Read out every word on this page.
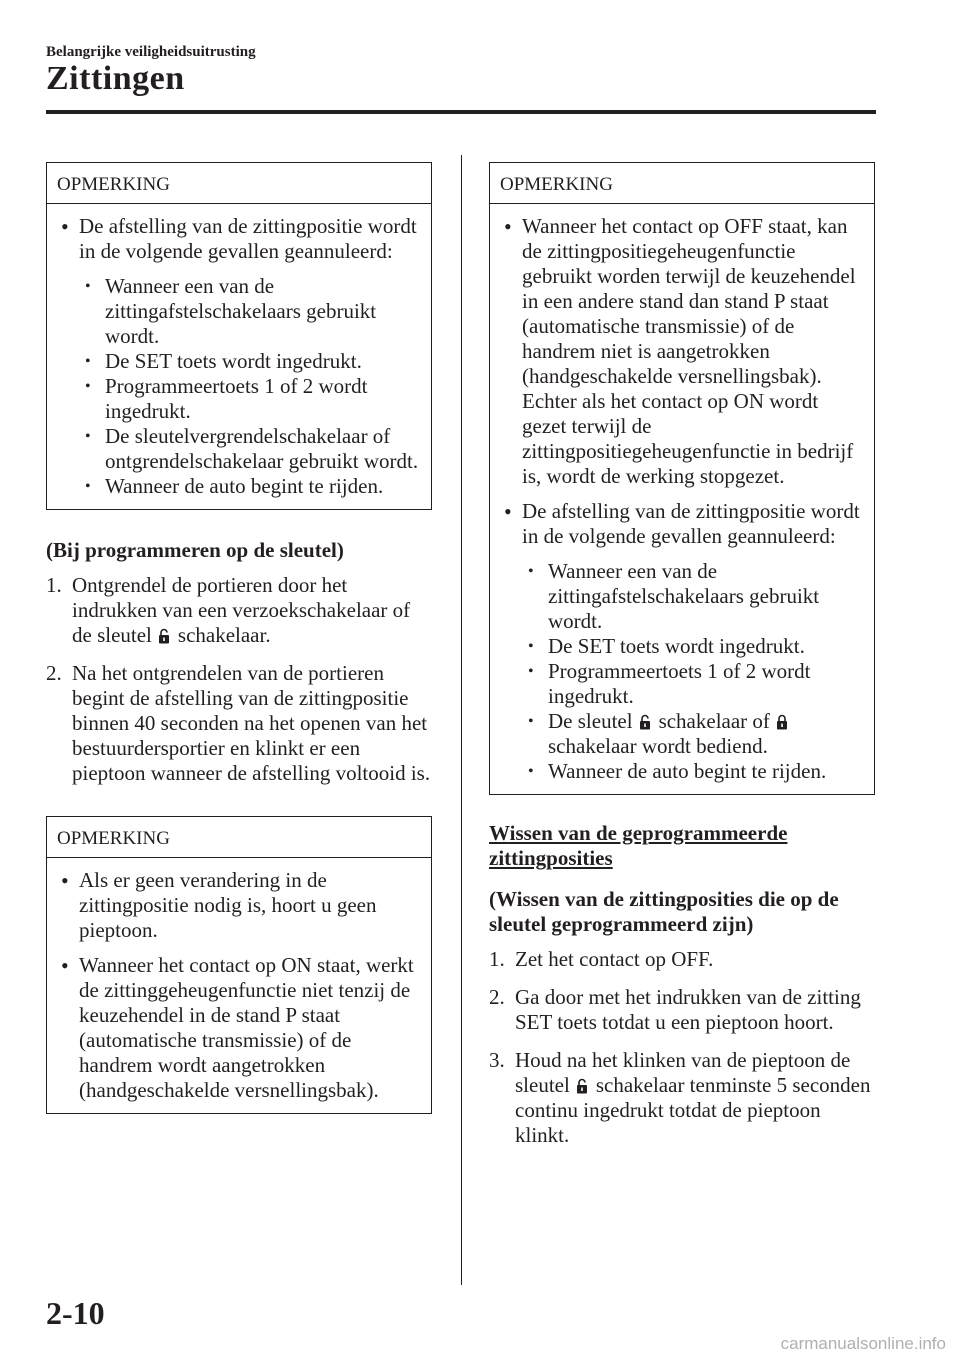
Belangrijke veiligheidsuitrusting
Zittingen
OPMERKING
• De afstelling van de zittingpositie wordt in de volgende gevallen geannuleerd:
• Wanneer een van de zittingafstelschakelaars gebruikt wordt.
• De SET toets wordt ingedrukt.
• Programmeertoets 1 of 2 wordt ingedrukt.
• De sleutelvergrendelschakelaar of ontgrendelschakelaar gebruikt wordt.
• Wanneer de auto begint te rijden.
(Bij programmeren op de sleutel)
1. Ontgrendel de portieren door het indrukken van een verzoekschakelaar of de sleutel schakelaar.
2. Na het ontgrendelen van de portieren begint de afstelling van de zittingpositie binnen 40 seconden na het openen van het bestuurdersportier en klinkt er een pieptoon wanneer de afstelling voltooid is.
OPMERKING
• Als er geen verandering in de zittingpositie nodig is, hoort u geen pieptoon.
• Wanneer het contact op ON staat, werkt de zittinggeheugenfunctie niet tenzij de keuzehendel in de stand P staat (automatische transmissie) of de handrem wordt aangetrokken (handgeschakelde versnellingsbak).
OPMERKING
• Wanneer het contact op OFF staat, kan de zittingpositiegeheugenfunctie gebruikt worden terwijl de keuzehendel in een andere stand dan stand P staat (automatische transmissie) of de handrem niet is aangetrokken (handgeschakelde versnellingsbak). Echter als het contact op ON wordt gezet terwijl de zittingpositiegeheugenfunctie in bedrijf is, wordt de werking stopgezet.
• De afstelling van de zittingpositie wordt in de volgende gevallen geannuleerd:
• Wanneer een van de zittingafstelschakelaars gebruikt wordt.
• De SET toets wordt ingedrukt.
• Programmeertoets 1 of 2 wordt ingedrukt.
• De sleutel schakelaar ofschakelaar wordt bediend.
• Wanneer de auto begint te rijden.
Wissen van de geprogrammeerde zittingposities
(Wissen van de zittingposities die op de sleutel geprogrammeerd zijn)
1. Zet het contact op OFF.
2. Ga door met het indrukken van de zitting SET toets totdat u een pieptoon hoort.
3. Houd na het klinken van de pieptoon de sleutel schakelaar tenminste 5 seconden continu ingedrukt totdat de pieptoon klinkt.
2-10
carmanualsonline.info
